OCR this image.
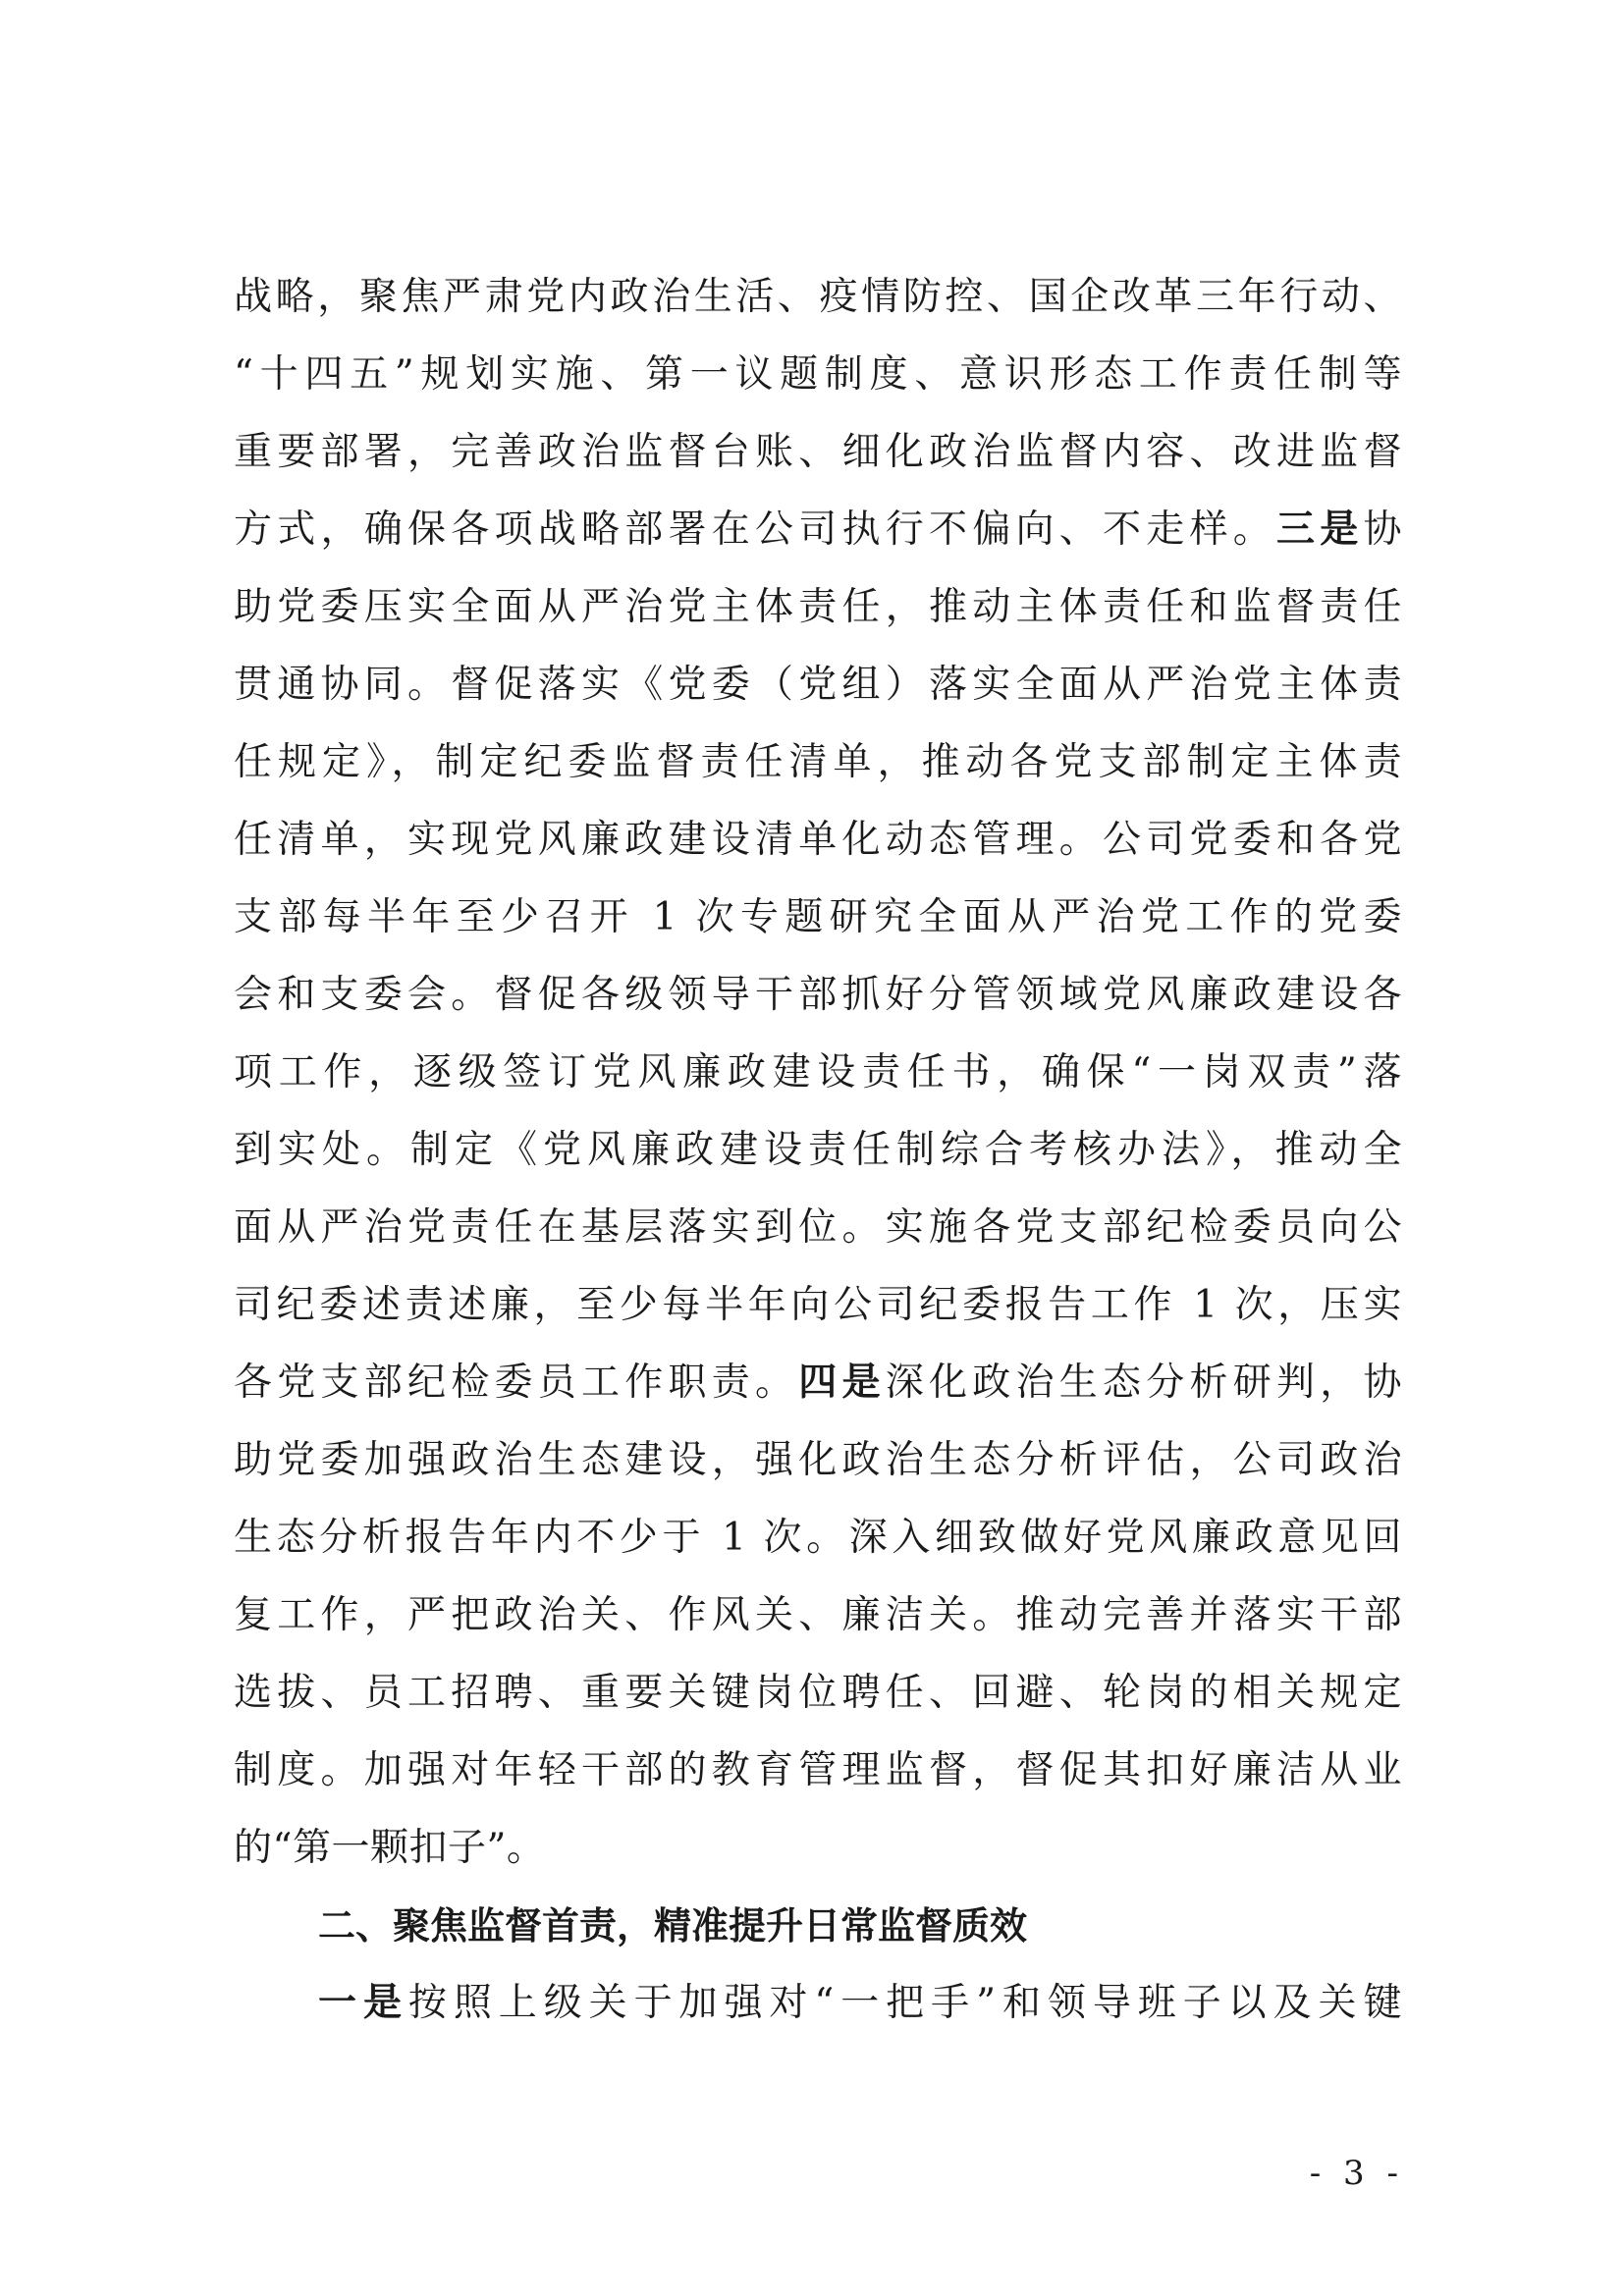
战略，聚焦严肃党内政治生活、疫情防控、国企改革三年行动、
“十四五”规划实施、第一议题制度、意识形态工作责任制等
重要部署，完善政治监督台账、细化政治监督内容、改进监督
方式，确保各项战略部署在公司执行不偏向、不走样。三是协
助党委压实全面从严治党主体责任，推动主体责任和监督责任
贯通协同。督促落实《党委（党组）落实全面从严治党主体责
任规定》，制定纪委监督责任清单，推动各党支部制定主体责
任清单，实现党风廉政建设清单化动态管理。公司党委和各党
支部每半年至少召开 1 次专题研究全面从严治党工作的党委
会和支委会。督促各级领导干部抓好分管领域党风廉政建设各
项工作，逐级签订党风廉政建设责任书，确保“一岗双责”落
到实处。制定《党风廉政建设责任制综合考核办法》，推动全
面从严治党责任在基层落实到位。实施各党支部纪检委员向公
司纪委述责述廉，至少每半年向公司纪委报告工作 1 次，压实
各党支部纪检委员工作职责。四是深化政治生态分析研判，协
助党委加强政治生态建设，强化政治生态分析评估，公司政治
生态分析报告年内不少于 1 次。深入细致做好党风廉政意见回
复工作，严把政治关、作风关、廉洁关。推动完善并落实干部
选拔、员工招聘、重要关键岗位聘任、回避、轮岗的相关规定
制度。加强对年轻干部的教育管理监督，督促其扣好廉洁从业
的“第一颗扣子”。
二、聚焦监督首责，精准提升日常监督质效
一是按照上级关于加强对“一把手”和领导班子以及关键
- 3 -
